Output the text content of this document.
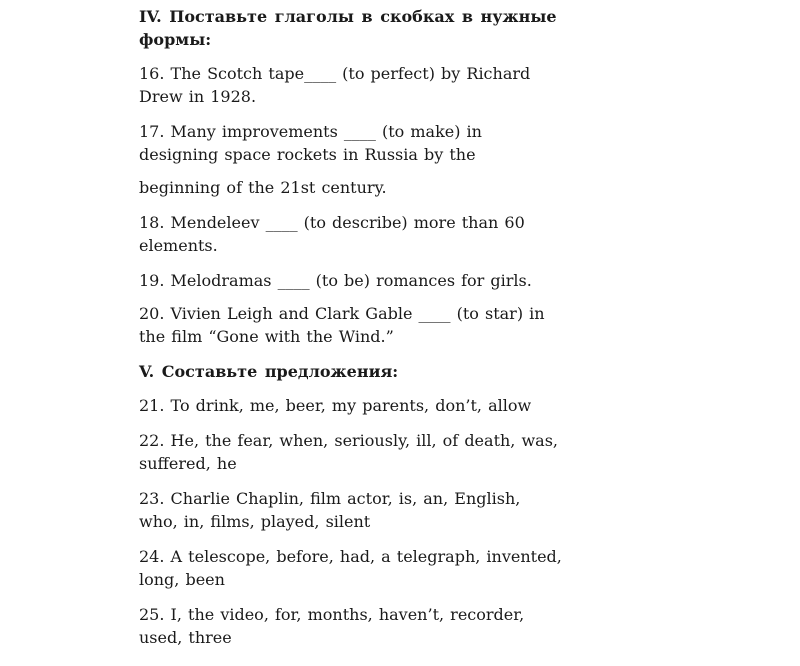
IV. Поставьте глаголы в скобках в нужные формы:
16. The Scotch tape____ (to perfect) by Richard Drew in 1928.
17. Many improvements ____ (to make) in designing space rockets in Russia by the
beginning of the 21st century.
18. Mendeleev ____ (to describe) more than 60 elements.
19. Melodramas ____ (to be) romances for girls.
20. Vivien Leigh and Clark Gable ____ (to star) in the film “Gone with the Wind.”
V. Составьте предложения:
21. To drink, me, beer, my parents, don’t, allow
22. He, the fear, when, seriously, ill, of death, was, suffered, he
23. Charlie Chaplin, film actor, is, an, English, who, in, films, played, silent
24. A telescope, before, had, a telegraph, invented, long, been
25. I, the video, for, months, haven’t, recorder, used, three
